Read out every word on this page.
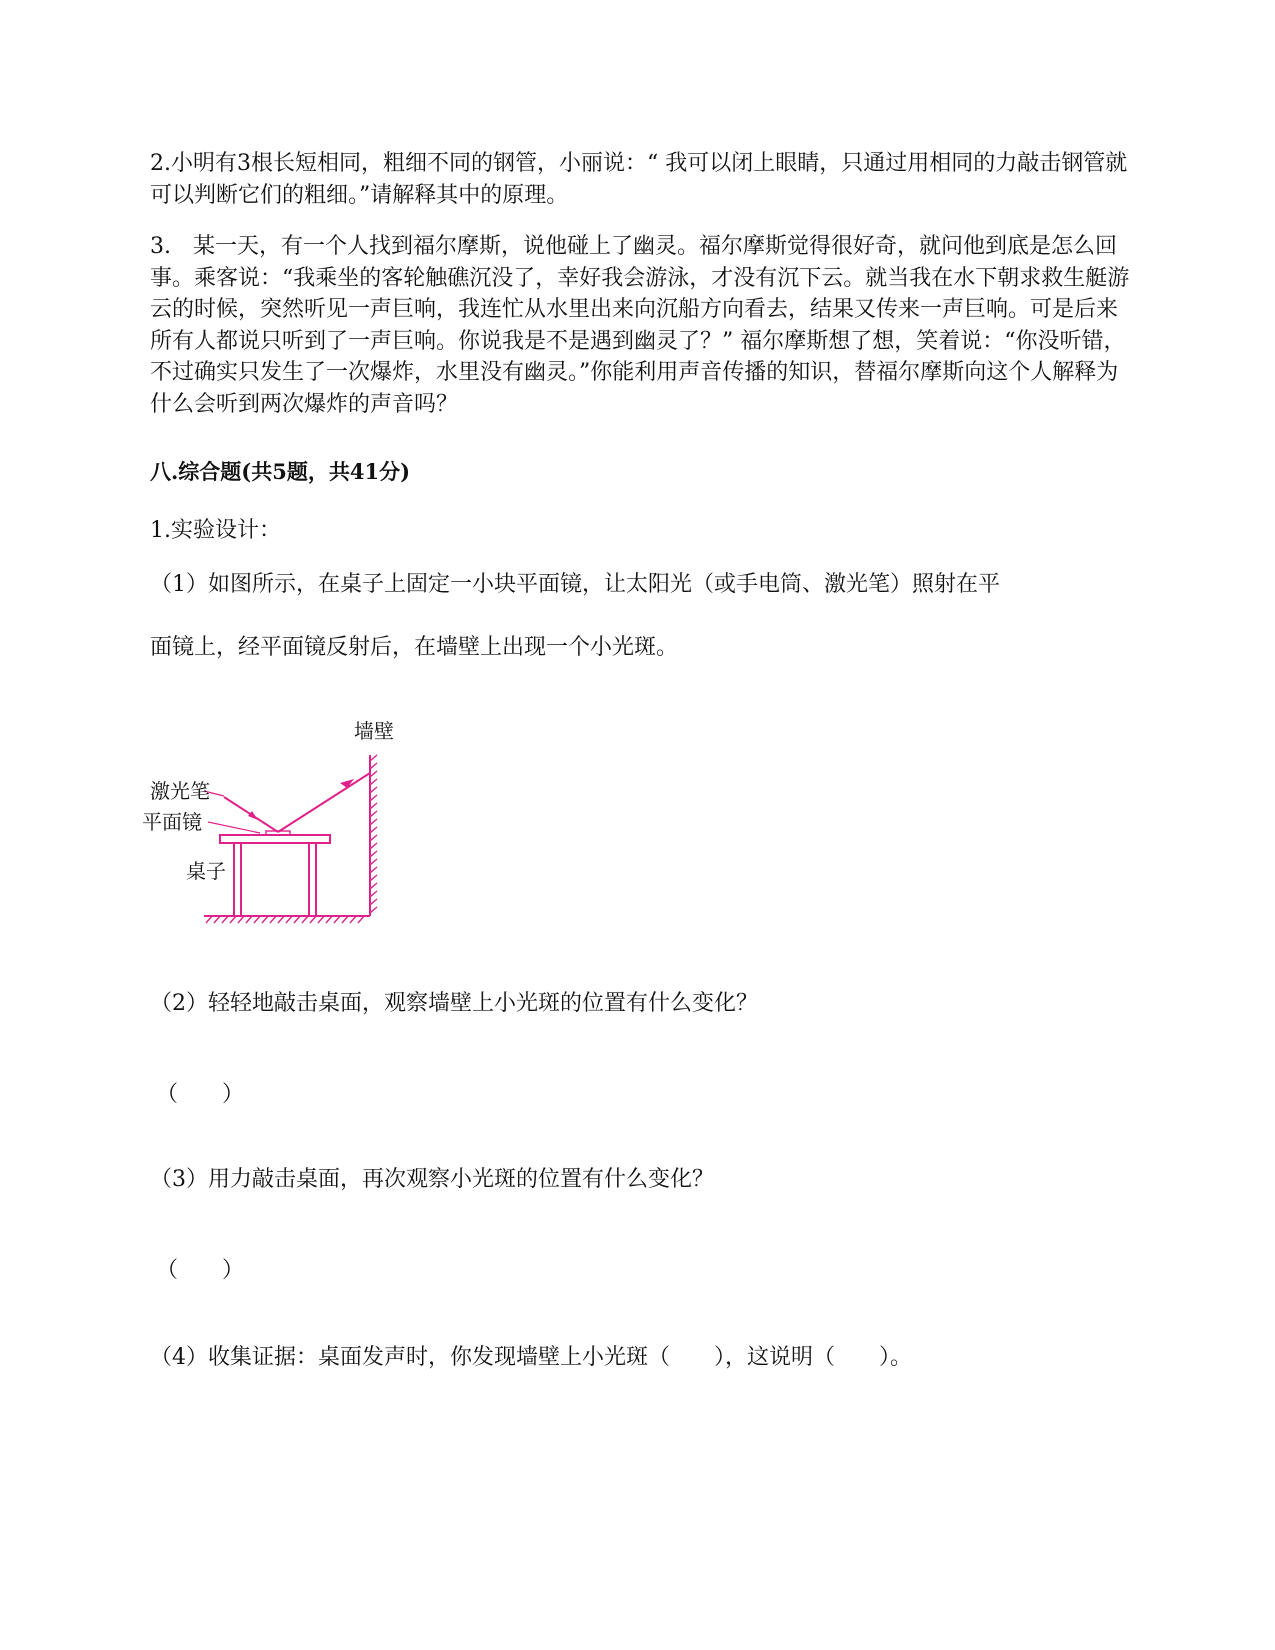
2.小明有3根长短相同，粗细不同的钢管，小丽说：“ 我可以闭上眼睛，只通过用相同的力敲击钢管就可以判断它们的粗细。”请解释其中的原理。

3.　某一天，有一个人找到福尔摩斯，说他碰上了幽灵。福尔摩斯觉得很好奇，就问他到底是怎么回事。乘客说：“我乘坐的客轮触礁沉没了，幸好我会游泳，才没有沉下云。就当我在水下朝求救生艇游云的时候，突然听见一声巨响，我连忙从水里出来向沉船方向看去，结果又传来一声巨响。可是后来所有人都说只听到了一声巨响。你说我是不是遇到幽灵了？” 福尔摩斯想了想，笑着说：“你没听错，不过确实只发生了一次爆炸，水里没有幽灵。”你能利用声音传播的知识，替福尔摩斯向这个人解释为什么会听到两次爆炸的声音吗？

八.综合题(共5题，共41分)

1.实验设计：

（1）如图所示，在桌子上固定一小块平面镜，让太阳光（或手电筒、激光笔）照射在平

面镜上，经平面镜反射后，在墙壁上出现一个小光斑。

墙壁
激光笔
平面镜
桌子

（2）轻轻地敲击桌面，观察墙壁上小光斑的位置有什么变化？

（　　）

（3）用力敲击桌面，再次观察小光斑的位置有什么变化？

（　　）

（4）收集证据：桌面发声时，你发现墙壁上小光斑（　　），这说明（　　）。
